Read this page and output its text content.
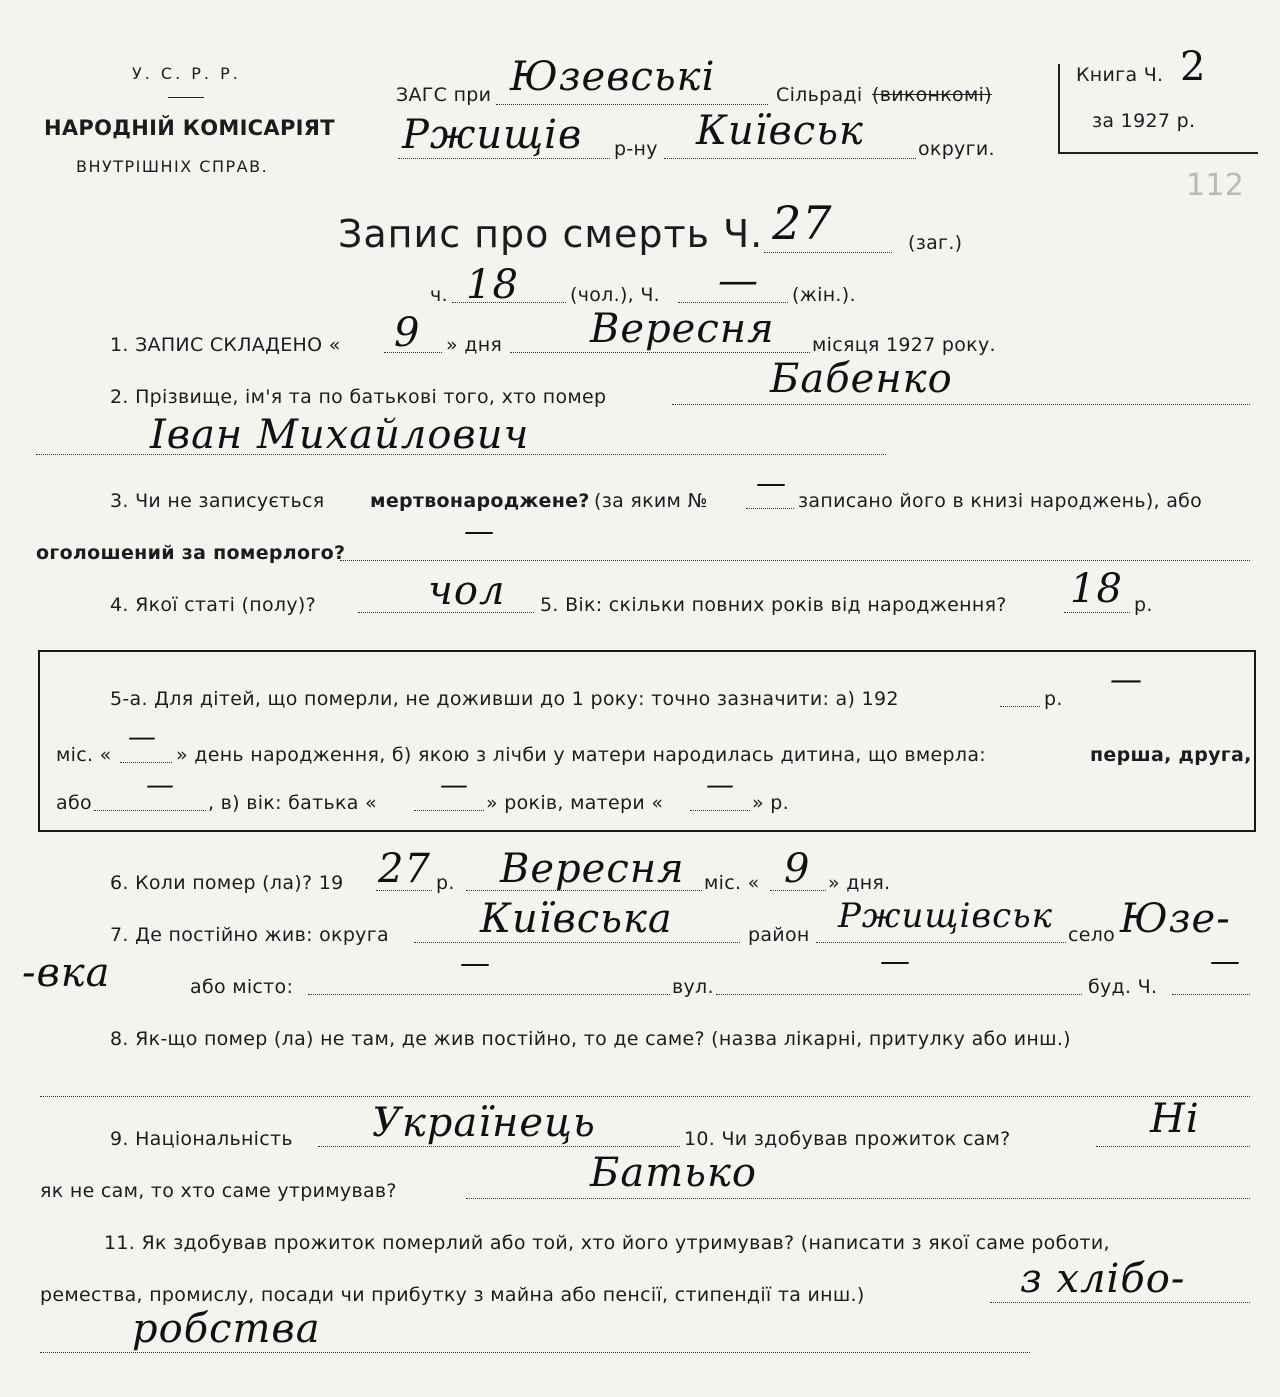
У. С. Р. Р.
НАРОДНІЙ КОМІСАРІЯТ
ВНУТРІШНІХ СПРАВ.
ЗАГС при Юзевські	Сільраді (виконкомі)
Ржищів р-ну Київськ	округи.
Книга Ч. 2
за 1927 р.
112
Запис про смерть Ч. 27	(заг.)
ч. 18	(чол.), Ч. — (жін.).
1. ЗАПИС СКЛАДЕНО « 9 » дня Вересня місяця 1927 року.
2. Прізвище, ім'я та по батькові того, хто помер	Бабенко
Іван Михайлович
3. Чи не записується мертвонароджене? (за яким № — записано його в книзі народжень), або
оголошений за померлого?
—
4. Якої статі (полу)?	чол 5. Вік: скільки повних років від народження? 18 р.
5-а. Для дітей, що померли, не доживши до 1 року: точно зазначити: а) 192	р.
—
міс. «
—
» день народження, б) якою з лічби у матери народилась дитина, що вмерла:	перша, друга,
або
—
, в) вік: батька «
—
» років, матери «
—
» р.
6. Коли помер (ла)? 19 27 р. Вересня міс. « 9 » дня.
7. Де постійно жив: округа Київська	район Ржищівськ село Юзе-
-вка	або місто:
—
вул.
—
буд. Ч.
—
8. Як-що помер (ла) не там, де жив постійно, то де саме? (назва лікарні, притулку або инш.)
9. Національність Українець	10. Чи здобував прожиток сам?	Ні
як не сам, то хто саме утримував?	Батько
11. Як здобував прожиток померлий або той, хто його утримував? (написати з якої саме роботи,
ремества, промислу, посади чи прибутку з майна або пенсії, стипендії та инш.)	з хлібо-
робства
